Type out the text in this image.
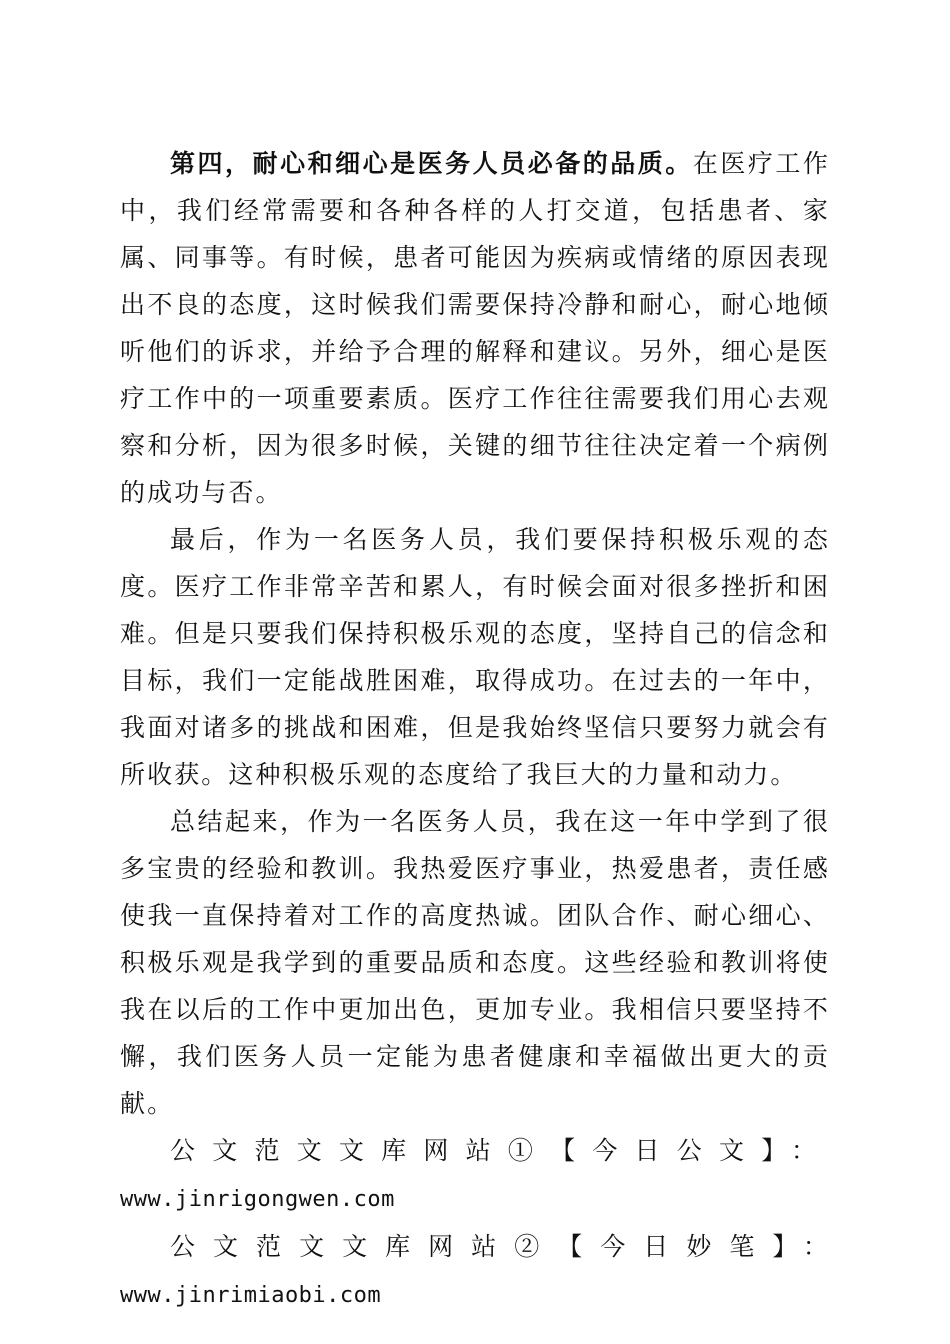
第四，耐心和细心是医务人员必备的品质。在医疗工作中，我们经常需要和各种各样的人打交道，包括患者、家属、同事等。有时候，患者可能因为疾病或情绪的原因表现出不良的态度，这时候我们需要保持冷静和耐心，耐心地倾听他们的诉求，并给予合理的解释和建议。另外，细心是医疗工作中的一项重要素质。医疗工作往往需要我们用心去观察和分析，因为很多时候，关键的细节往往决定着一个病例的成功与否。

最后，作为一名医务人员，我们要保持积极乐观的态度。医疗工作非常辛苦和累人，有时候会面对很多挫折和困难。但是只要我们保持积极乐观的态度，坚持自己的信念和目标，我们一定能战胜困难，取得成功。在过去的一年中，我面对诸多的挑战和困难，但是我始终坚信只要努力就会有所收获。这种积极乐观的态度给了我巨大的力量和动力。

总结起来，作为一名医务人员，我在这一年中学到了很多宝贵的经验和教训。我热爱医疗事业，热爱患者，责任感使我一直保持着对工作的高度热诚。团队合作、耐心细心、积极乐观是我学到的重要品质和态度。这些经验和教训将使我在以后的工作中更加出色，更加专业。我相信只要坚持不懈，我们医务人员一定能为患者健康和幸福做出更大的贡献。

公文范文文库网站①【今日公文】： www.jinrigongwen.com

公文范文文库网站②【今日妙笔】：www.jinrimiaobi.com
